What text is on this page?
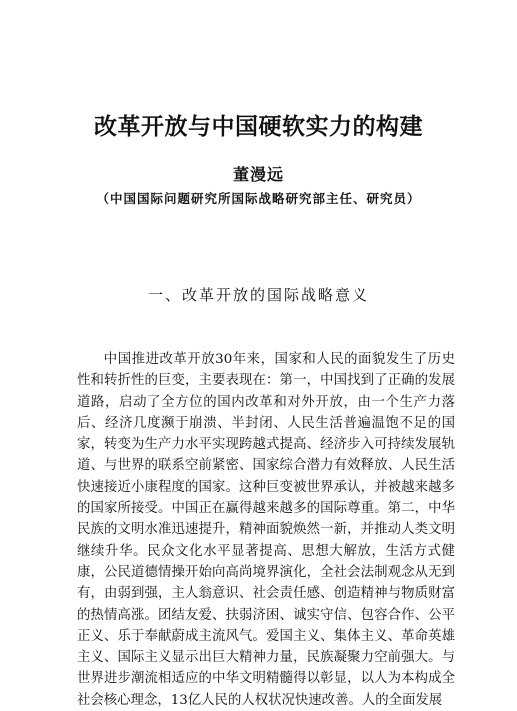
改革开放与中国硬软实力的构建
董漫远
（中国国际问题研究所国际战略研究部主任、研究员）
一、改革开放的国际战略意义

中国推进改革开放30年来，国家和人民的面貌发生了历史性和转折性的巨变，主要表现在：第一，中国找到了正确的发展道路，启动了全方位的国内改革和对外开放，由一个生产力落后、经济几度濒于崩溃、半封闭、人民生活普遍温饱不足的国家，转变为生产力水平实现跨越式提高、经济步入可持续发展轨道、与世界的联系空前紧密、国家综合潜力有效释放、人民生活快速接近小康程度的国家。这种巨变被世界承认，并被越来越多的国家所接受。中国正在赢得越来越多的国际尊重。第二，中华民族的文明水准迅速提升，精神面貌焕然一新，并推动人类文明继续升华。民众文化水平显著提高、思想大解放，生活方式健康，公民道德情操开始向高尚境界演化，全社会法制观念从无到有，由弱到强，主人翁意识、社会责任感、创造精神与物质财富的热情高涨。团结友爱、扶弱济困、诚实守信、包容合作、公平正义、乐于奉献蔚成主流风气。爱国主义、集体主义、革命英雄主义、国际主义显示出巨大精神力量，民族凝聚力空前强大。与世界进步潮流相适应的中华文明精髓得以彰显，以人为本构成全社会核心理念，13亿人民的人权状况快速改善。人的全面发展
